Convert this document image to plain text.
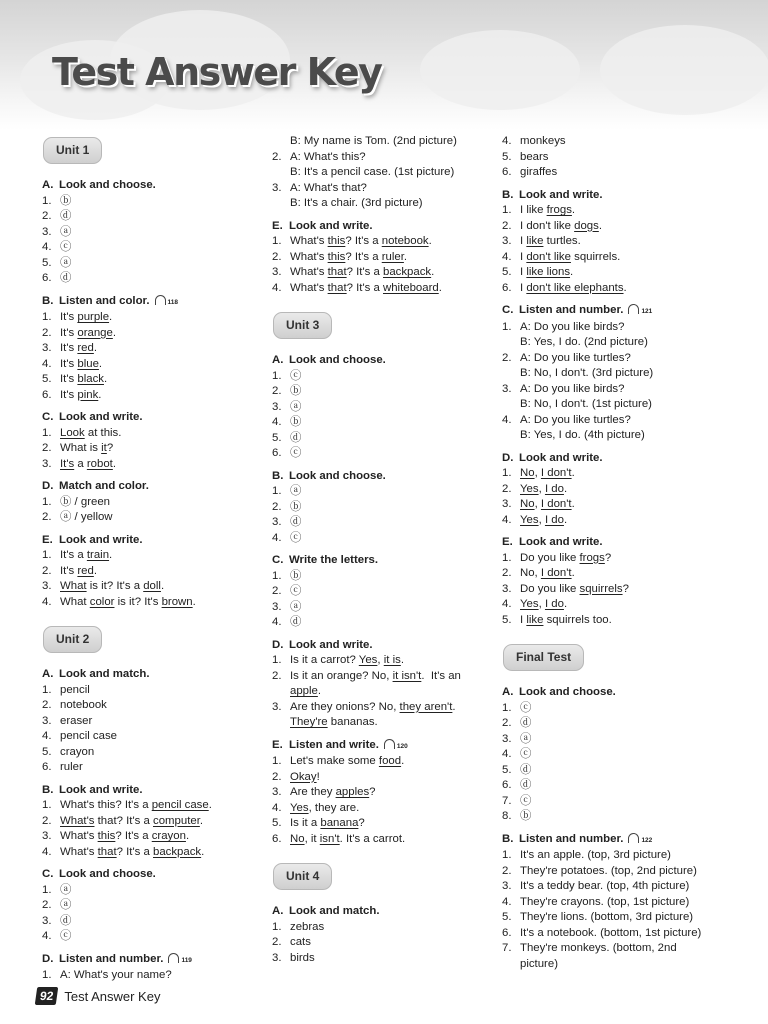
Test Answer Key
Unit 1
A. Look and choose.
1. ⓑ
2. ⓓ
3. ⓐ
4. ⓒ
5. ⓐ
6. ⓓ
B. Listen and color.	118
1. It's purple.
2. It's orange.
3. It's red.
4. It's blue.
5. It's black.
6. It's pink.
C. Look and write.
1. Look at this.
2. What is it?
3. It's a robot.
D. Match and color.
1. ⓑ / green
2. ⓐ / yellow
E. Look and write.
1. It's a train.
2. It's red.
3. What is it? It's a doll.
4. What color is it? It's brown.
Unit 2
A. Look and match.
1. pencil
2. notebook
3. eraser
4. pencil case
5. crayon
6. ruler
B. Look and write.
1. What's this? It's a pencil case.
2. What's that? It's a computer.
3. What's this? It's a crayon.
4. What's that? It's a backpack.
C. Look and choose.
1. ⓐ
2. ⓐ
3. ⓓ
4. ⓒ
D. Listen and number.	119
1. A: What's your name?
B: My name is Tom. (2nd picture)
2. A: What's this?
B: It's a pencil case. (1st picture)
3. A: What's that?
B: It's a chair. (3rd picture)
E. Look and write.
1. What's this? It's a notebook.
2. What's this? It's a ruler.
3. What's that? It's a backpack.
4. What's that? It's a whiteboard.
Unit 3
A. Look and choose.
1. ⓒ
2. ⓑ
3. ⓐ
4. ⓑ
5. ⓓ
6. ⓒ
B. Look and choose.
1. ⓐ
2. ⓑ
3. ⓓ
4. ⓒ
C. Write the letters.
1. ⓑ
2. ⓒ
3. ⓐ
4. ⓓ
D. Look and write.
1. Is it a carrot? Yes, it is.
2. Is it an orange? No, it isn't. It's an
apple.
3. Are they onions? No, they aren't.
They're bananas.
E. Listen and write.	120
1. Let's make some food.
2. Okay!
3. Are they apples?
4. Yes, they are.
5. Is it a banana?
6. No, it isn't. It's a carrot.
Unit 4
A. Look and match.
1. zebras
2. cats
3. birds
4. monkeys
5. bears
6. giraffes
B. Look and write.
1. I like frogs.
2. I don't like dogs.
3. I like turtles.
4. I don't like squirrels.
5. I like lions.
6. I don't like elephants.
C. Listen and number.	121
1. A: Do you like birds?
B: Yes, I do. (2nd picture)
2. A: Do you like turtles?
B: No, I don't. (3rd picture)
3. A: Do you like birds?
B: No, I don't. (1st picture)
4. A: Do you like turtles?
B: Yes, I do. (4th picture)
D. Look and write.
1. No, I don't.
2. Yes, I do.
3. No, I don't.
4. Yes, I do.
E. Look and write.
1. Do you like frogs?
2. No, I don't.
3. Do you like squirrels?
4. Yes, I do.
5. I like squirrels too.
Final Test
A. Look and choose.
1. ⓒ
2. ⓓ
3. ⓐ
4. ⓒ
5. ⓓ
6. ⓓ
7. ⓒ
8. ⓑ
B. Listen and number.	122
1. It's an apple. (top, 3rd picture)
2. They're potatoes. (top, 2nd picture)
3. It's a teddy bear. (top, 4th picture)
4. They're crayons. (top, 1st picture)
5. They're lions. (bottom, 3rd picture)
6. It's a notebook. (bottom, 1st picture)
7. They're monkeys. (bottom, 2nd
picture)
92 Test Answer Key
